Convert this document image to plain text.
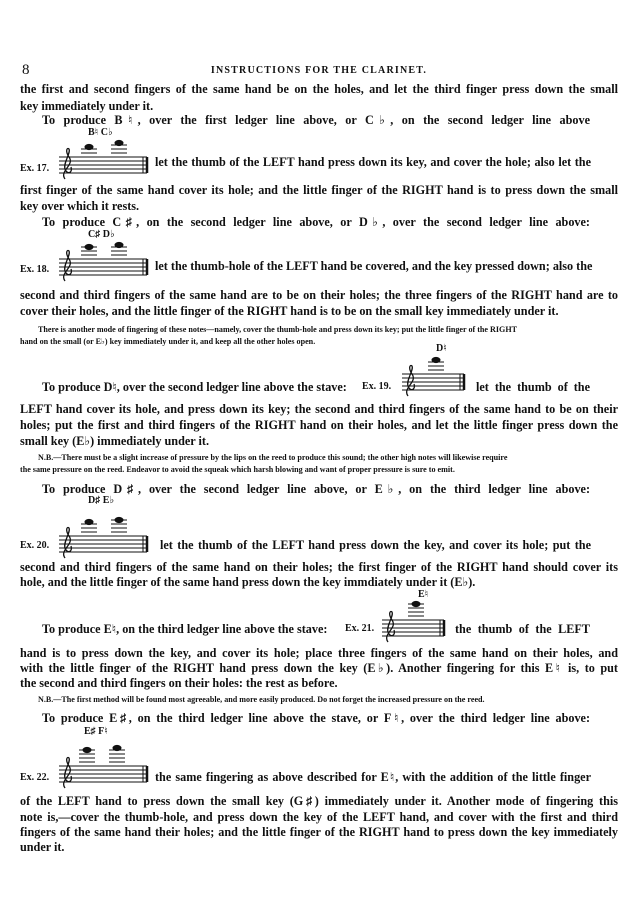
8	INSTRUCTIONS FOR THE CLARINET.
the first and second fingers of the same hand be on the holes, and let the third finger press down the small
key immediately under it.
To produce B♮, over the first ledger line above, or C♭, on the second ledger line above
B♮ C♭
Ex. 17.	let the thumb of the LEFT hand press down its key, and cover the hole; also let the
first finger of the same hand cover its hole; and the little finger of the RIGHT hand is to press down the small
key over which it rests.
To produce C♯, on the second ledger line above, or D♭, over the second ledger line above:
C♯ D♭
Ex. 18.	let the thumb-hole of the LEFT hand be covered, and the key pressed down; also the
second and third fingers of the same hand are to be on their holes; the three fingers of the RIGHT hand are to
cover their holes, and the little finger of the RIGHT hand is to be on the small key immediately under it.
There is another mode of fingering of these notes—namely, cover the thumb-hole and press down its key; put the little finger of the RIGHT
hand on the small (or E♭) key immediately under it, and keep all the other holes open.
D♮
To produce D♮, over the second ledger line above the stave:	Ex. 19.	let the thumb of the
LEFT hand cover its hole, and press down its key; the second and third fingers of the same hand to be on their
holes; put the first and third fingers of the RIGHT hand on their holes, and let the little finger press down the
small key (E♭) immediately under it.
N.B.—There must be a slight increase of pressure by the lips on the reed to produce this sound; the other high notes will likewise require
the same pressure on the reed. Endeavor to avoid the squeak which harsh blowing and want of proper pressure is sure to emit.
To produce D♯, over the second ledger line above, or E♭, on the third ledger line above:
D♯ E♭
Ex. 20.	let the thumb of the LEFT hand press down the key, and cover its hole; put the
second and third fingers of the same hand on their holes; the first finger of the RIGHT hand should cover its
hole, and the little finger of the same hand press down the key immdiately under it (E♭).
E♮
To produce E♮, on the third ledger line above the stave:	Ex. 21.	the thumb of the LEFT
hand is to press down the key, and cover its hole; place three fingers of the same hand on their holes, and
with the little finger of the RIGHT hand press down the key (E♭). Another fingering for this E♮ is, to put
the second and third fingers on their holes: the rest as before.
N.B.—The first method will be found most agreeable, and more easily produced. Do not forget the increased pressure on the reed.
To produce E♯, on the third ledger line above the stave, or F♮, over the third ledger line above:
E♯ F♮
Ex. 22.	the same fingering as above described for E♮, with the addition of the little finger
of the LEFT hand to press down the small key (G♯) immediately under it. Another mode of fingering this
note is,—cover the thumb-hole, and press down the key of the LEFT hand, and cover with the first and third
fingers of the same hand their holes; and the little finger of the RIGHT hand to press down the key immediately
under it.
